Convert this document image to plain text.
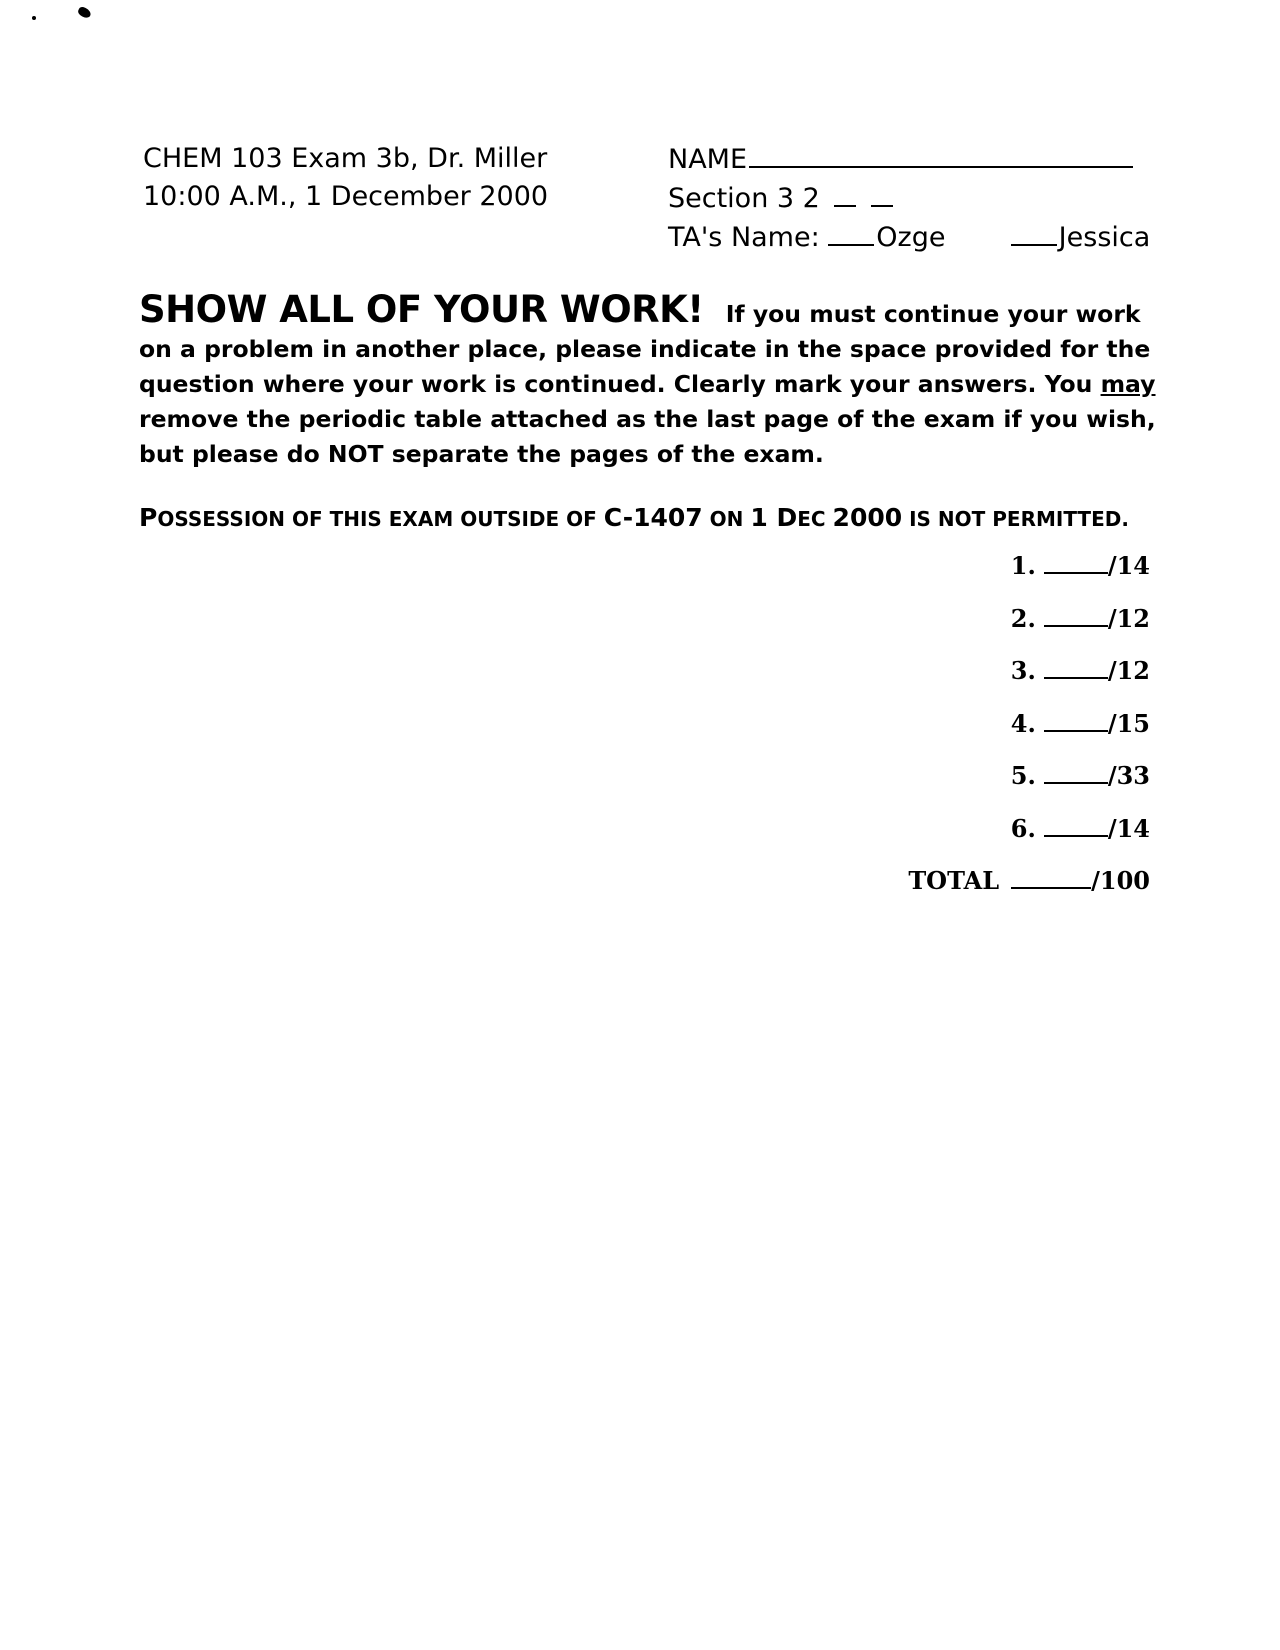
CHEM 103 Exam 3b, Dr. Miller
10:00 A.M., 1 December 2000
NAME
Section 3 2
TA's Name: Ozge	Jessica
SHOW ALL OF YOUR WORK! If you must continue your work on a problem in another place, please indicate in the space provided for the question where your work is continued. Clearly mark your answers. You may remove the periodic table attached as the last page of the exam if you wish, but please do NOT separate the pages of the exam.
POSSESSION OF THIS EXAM OUTSIDE OF C-1407 ON 1 DEC 2000 IS NOT PERMITTED.
1.	/14
2.	/12
3.	/12
4.	/15
5.	/33
6.	/14
TOTAL	/100
